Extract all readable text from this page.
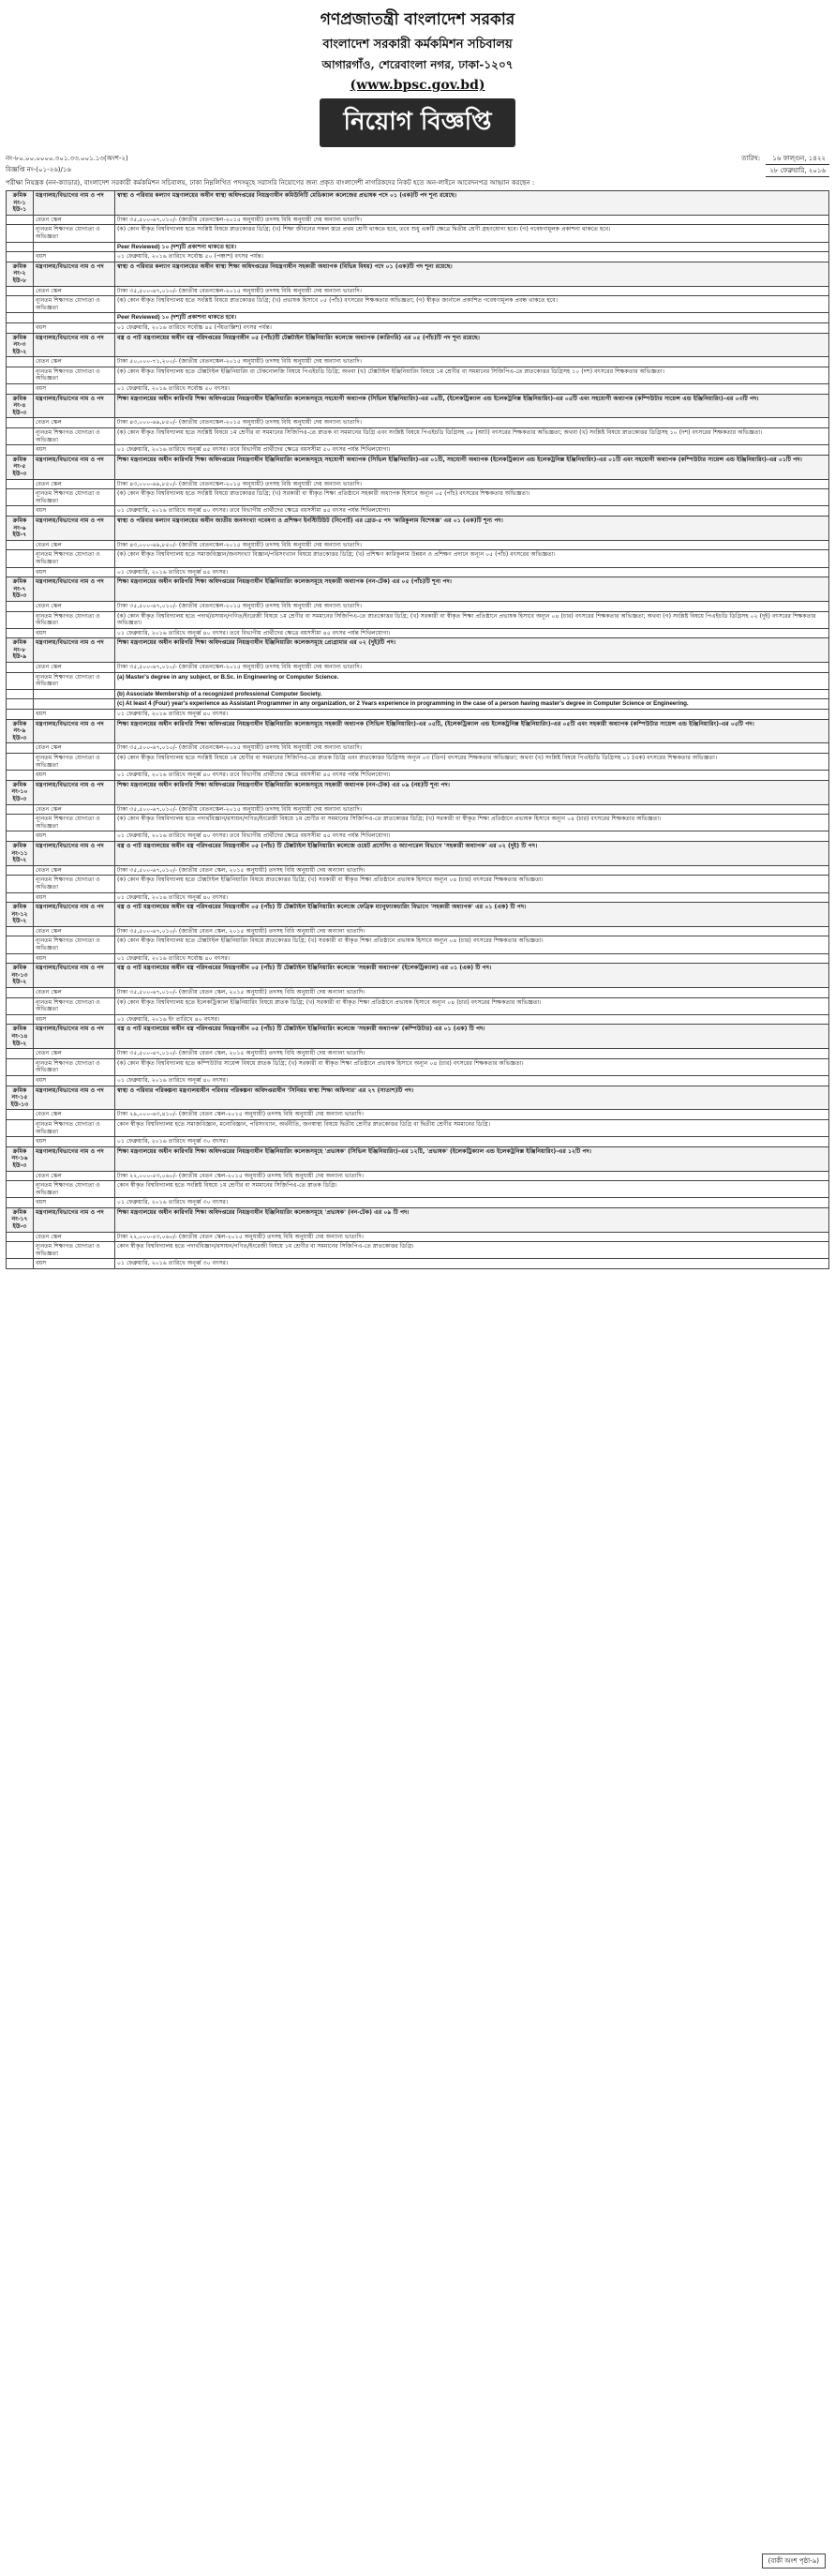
গণপ্রজাতন্ত্রী বাংলাদেশ সরকার
বাংলাদেশ সরকারী কর্মকমিশন সচিবালয়
আগারগাঁও, শেরেবাংলা নগর, ঢাকা-১২০৭
(www.bpsc.gov.bd)
নিয়োগ বিজ্ঞপ্তি
নং-৮০.০০.০০০০.৩০১.৩৩.০০১.১৩(অংশ-২)
বিজ্ঞপ্তি নং-(০১-২৬)/১৬
তারিখ:	১৬ ফাল্গুন, ১৪২২
২৮ ফেব্রুয়ারি, ২০১৬
পরীক্ষা নিয়ন্ত্রক (নন-ক্যাডার), বাংলাদেশ সরকারী কর্মকমিশন সচিবালয়, ঢাকা নিম্নলিখিত পদসমূহে সরাসরি নিয়োগের জন্য প্রকৃত বাংলাদেশী নাগরিকদের নিকট হতে অন-লাইনে আবেদনপত্র আহ্বান করছেন :
ক্রমিক নং-১ ইউ-১	মন্ত্রণালয়/বিভাগের নাম ও পদ	স্বাস্থ্য ও পরিবার কল্যাণ মন্ত্রণালয়ের অধীন স্বাস্থ্য অধিদপ্তরের নিয়ন্ত্রণাধীন কমিউনিটি মেডিক্যাল কলেজের প্রভাষক পদে ০১ (এক)টি পদ শূন্য রয়েছে।
	বেতন স্কেল	টাকা ৩৫,৫০০-৬৭,০১০/- (জাতীয় বেতনস্কেল-২০১৫ অনুযায়ী) তদসহ বিধি অনুযায়ী দেয় অন্যান্য ভাতাদি।
	ন্যূনতম শিক্ষাগত যোগ্যতা ও অভিজ্ঞতা	(ক) কোন স্বীকৃত বিশ্ববিদ্যালয় হতে সংশ্লিষ্ট বিষয়ে স্নাতকোত্তর ডিগ্রি; (খ) শিক্ষা জীবনের সকল স্তরে প্রথম শ্রেণী থাকতে হবে, তবে শুধু একটি ক্ষেত্রে দ্বিতীয় শ্রেণী গ্রহণযোগ্য হবে। (গ) গবেষণামূলক প্রকাশনা থাকতে হবে।
		Peer Reviewed) ১০ (দশ)টি প্রকাশনা থাকতে হবে।
	বয়স	০১ ফেব্রুয়ারি, ২০১৬ তারিখে সর্বোচ্চ ৫০ (পঞ্চাশ) বৎসর পর্যন্ত।
ক্রমিক নং-২ ইউ-৮	মন্ত্রণালয়/বিভাগের নাম ও পদ	স্বাস্থ্য ও পরিবার কল্যাণ মন্ত্রণালয়ের অধীন স্বাস্থ্য শিক্ষা অধিদপ্তরের নিয়ন্ত্রণাধীন সহকারী অধ্যাপক (বিভিন্ন বিষয়) পদে ০১ (এক)টি পদ শূন্য রয়েছে।
	বেতন স্কেল	টাকা ৩৫,৫০০-৬৭,০১০/- (জাতীয় বেতনস্কেল-২০১৫ অনুযায়ী) তদসহ বিধি অনুযায়ী দেয় অন্যান্য ভাতাদি।
	ন্যূনতম শিক্ষাগত যোগ্যতা ও অভিজ্ঞতা	(ক) কোন স্বীকৃত বিশ্ববিদ্যালয় হতে সংশ্লিষ্ট বিষয়ে স্নাতকোত্তর ডিগ্রি; (খ) প্রভাষক হিসাবে ০৫ (পাঁচ) বৎসরের শিক্ষকতার অভিজ্ঞতা; (গ) স্বীকৃত জার্নালে প্রকাশিত গবেষণামূলক প্রবন্ধ থাকতে হবে।
		Peer Reviewed) ১০ (দশ)টি প্রকাশনা থাকতে হবে।
	বয়স	০১ ফেব্রুয়ারি, ২০১৬ তারিখে সর্বোচ্চ ৪৫ (পঁয়তাল্লিশ) বৎসর পর্যন্ত।
ক্রমিক নং-৩ ইউ-২	মন্ত্রণালয়/বিভাগের নাম ও পদ	বস্ত্র ও পাট মন্ত্রণালয়ের অধীন বস্ত্র পরিদপ্তরের নিয়ন্ত্রণাধীন ০৫ (পাঁচ)টি টেক্সটাইল ইঞ্জিনিয়ারিং কলেজে অধ্যাপক (কারিগরি) এর ০৫ (পাঁচ)টি পদ শূন্য রয়েছে।
	বেতন স্কেল	টাকা ৫০,০০০-৭১,২০০/- (জাতীয় বেতনস্কেল-২০১৫ অনুযায়ী) তদসহ বিধি অনুযায়ী দেয় অন্যান্য ভাতাদি।
	ন্যূনতম শিক্ষাগত যোগ্যতা ও অভিজ্ঞতা	(ক) কোন স্বীকৃত বিশ্ববিদ্যালয় হতে টেক্সটাইল ইঞ্জিনিয়ারিং বা টেকনোলজি বিষয়ে পিএইচডি ডিগ্রি; অথবা (খ) টেক্সটাইল ইঞ্জিনিয়ারিং বিষয়ে ১ম শ্রেণীর বা সমমানের সিজিপিএ-তে স্নাতকোত্তর ডিগ্রিসহ ১০ (দশ) বৎসরের শিক্ষকতার অভিজ্ঞতা।
	বয়স	০১ ফেব্রুয়ারি, ২০১৬ তারিখে সর্বোচ্চ ৫০ বৎসর।
ক্রমিক নং-৪ ইউ-৩	মন্ত্রণালয়/বিভাগের নাম ও পদ	শিক্ষা মন্ত্রণালয়ের অধীন কারিগরি শিক্ষা অধিদপ্তরের নিয়ন্ত্রণাধীন ইঞ্জিনিয়ারিং কলেজসমূহে সহযোগী অধ্যাপক (সিভিল ইঞ্জিনিয়ারিং)-এর ০৪টি, (ইলেকট্রিক্যাল এন্ড ইলেকট্রনিক্স ইঞ্জিনিয়ারিং)-এর ০৫টি এবং সহযোগী অধ্যাপক (কম্পিউটার সায়েন্স এন্ড ইঞ্জিনিয়ারিং)-এর ০৩টি পদ।
	বেতন স্কেল	টাকা ৪৩,০০০-৬৯,৮৫০/- (জাতীয় বেতনস্কেল-২০১৫ অনুযায়ী) তদসহ বিধি অনুযায়ী দেয় অন্যান্য ভাতাদি।
	ন্যূনতম শিক্ষাগত যোগ্যতা ও অভিজ্ঞতা	(ক) কোন স্বীকৃত বিশ্ববিদ্যালয় হতে সংশ্লিষ্ট বিষয়ে ১ম শ্রেণীর বা সমমানের সিজিপিএ-তে স্নাতক বা সমমানের ডিগ্রি এবং সংশ্লিষ্ট বিষয়ে পিএইচডি ডিগ্রিসহ ০৮ (আট) বৎসরের শিক্ষকতার অভিজ্ঞতা; অথবা (খ) সংশ্লিষ্ট বিষয়ে স্নাতকোত্তর ডিগ্রিসহ ১০ (দশ) বৎসরের শিক্ষকতার অভিজ্ঞতা।
	বয়স	০১ ফেব্রুয়ারি, ২০১৬ তারিখে অনূর্ধ্ব ৪৫ বৎসর। তবে বিভাগীয় প্রার্থীদের ক্ষেত্রে বয়সসীমা ৫০ বৎসর পর্যন্ত শিথিলযোগ্য।
ক্রমিক নং-৫ ইউ-৩	মন্ত্রণালয়/বিভাগের নাম ও পদ	শিক্ষা মন্ত্রণালয়ের অধীন কারিগরি শিক্ষা অধিদপ্তরের নিয়ন্ত্রণাধীন ইঞ্জিনিয়ারিং কলেজসমূহে সহযোগী অধ্যাপক (সিভিল ইঞ্জিনিয়ারিং)-এর ০১টি, সহযোগী অধ্যাপক (ইলেকট্রিক্যাল এন্ড ইলেকট্রনিক্স ইঞ্জিনিয়ারিং)-এর ০১টি এবং সহযোগী অধ্যাপক (কম্পিউটার সায়েন্স এন্ড ইঞ্জিনিয়ারিং)-এর ০১টি পদ।
	বেতন স্কেল	টাকা ৪৩,০০০-৬৯,৮৫০/- (জাতীয় বেতনস্কেল-২০১৫ অনুযায়ী) তদসহ বিধি অনুযায়ী দেয় অন্যান্য ভাতাদি।
	ন্যূনতম শিক্ষাগত যোগ্যতা ও অভিজ্ঞতা	(ক) কোন স্বীকৃত বিশ্ববিদ্যালয় হতে সংশ্লিষ্ট বিষয়ে স্নাতকোত্তর ডিগ্রি; (খ) সরকারী বা স্বীকৃত শিক্ষা প্রতিষ্ঠানে সহকারী অধ্যাপক হিসাবে অন্যূন ০৫ (পাঁচ) বৎসরের শিক্ষকতার অভিজ্ঞতা।
	বয়স	০১ ফেব্রুয়ারি, ২০১৬ তারিখে অনূর্ধ্ব ৪০ বৎসর। তবে বিভাগীয় প্রার্থীদের ক্ষেত্রে বয়সসীমা ৪৫ বৎসর পর্যন্ত শিথিলযোগ্য।
ক্রমিক নং-৬ ইউ-৭	মন্ত্রণালয়/বিভাগের নাম ও পদ	স্বাস্থ্য ও পরিবার কল্যাণ মন্ত্রণালয়ের অধীন জাতীয় জনসংখ্যা গবেষণা ও প্রশিক্ষণ ইনস্টিটিউট (নিপোর্ট) এর গ্রেড-৫ পদ 'কারিকুলাম বিশেষজ্ঞ' এর ০১ (এক)টি শূন্য পদ।
	বেতন স্কেল	টাকা ৪৩,০০০-৬৯,৮৫০/- (জাতীয় বেতনস্কেল-২০১৫ অনুযায়ী) তদসহ বিধি অনুযায়ী দেয় অন্যান্য ভাতাদি।
	ন্যূনতম শিক্ষাগত যোগ্যতা ও অভিজ্ঞতা	(ক) কোন স্বীকৃত বিশ্ববিদ্যালয় হতে সমাজবিজ্ঞান/জনসংখ্যা বিজ্ঞান/পরিসংখ্যান বিষয়ে স্নাতকোত্তর ডিগ্রি; (খ) প্রশিক্ষণ কারিকুলাম উন্নয়ন ও প্রশিক্ষণ প্রদানে অন্যূন ০৫ (পাঁচ) বৎসরের অভিজ্ঞতা।
	বয়স	০১ ফেব্রুয়ারি, ২০১৬ তারিখে অনূর্ধ্ব ৪৫ বৎসর।
ক্রমিক নং-৭ ইউ-৩	মন্ত্রণালয়/বিভাগের নাম ও পদ	শিক্ষা মন্ত্রণালয়ের অধীন কারিগরি শিক্ষা অধিদপ্তরের নিয়ন্ত্রণাধীন ইঞ্জিনিয়ারিং কলেজসমূহে সহকারী অধ্যাপক (নন-টেক) এর ০৫ (পাঁচ)টি শূন্য পদ।
	বেতন স্কেল	টাকা ৩৫,৫০০-৬৭,০১০/- (জাতীয় বেতনস্কেল-২০১৫ অনুযায়ী) তদসহ বিধি অনুযায়ী দেয় অন্যান্য ভাতাদি।
	ন্যূনতম শিক্ষাগত যোগ্যতা ও অভিজ্ঞতা	(ক) কোন স্বীকৃত বিশ্ববিদ্যালয় হতে পদার্থ/রসায়ন/গণিত/ইংরেজী বিষয়ে ১ম শ্রেণীর বা সমমানের সিজিপিএ-তে স্নাতকোত্তর ডিগ্রি; (খ) সরকারী বা স্বীকৃত শিক্ষা প্রতিষ্ঠানে প্রভাষক হিসাবে অন্যূন ০৪ (চার) বৎসরের শিক্ষকতার অভিজ্ঞতা; অথবা (গ) সংশ্লিষ্ট বিষয়ে পিএইচডি ডিগ্রিসহ ০২ (দুই) বৎসরের শিক্ষকতার অভিজ্ঞতা।
	বয়স	০১ ফেব্রুয়ারি, ২০১৬ তারিখে অনূর্ধ্ব ৪০ বৎসর। তবে বিভাগীয় প্রার্থীদের ক্ষেত্রে বয়সসীমা ৪৫ বৎসর পর্যন্ত শিথিলযোগ্য।
ক্রমিক নং-৮ ইউ-৯	মন্ত্রণালয়/বিভাগের নাম ও পদ	শিক্ষা মন্ত্রণালয়ের অধীন কারিগরি শিক্ষা অধিদপ্তরের নিয়ন্ত্রণাধীন ইঞ্জিনিয়ারিং কলেজসমূহে প্রোগ্রামার এর ০২ (দুই)টি পদ।
	বেতন স্কেল	টাকা ৩৫,৫০০-৬৭,০১০/- (জাতীয় বেতনস্কেল-২০১৫ অনুযায়ী) তদসহ বিধি অনুযায়ী দেয় অন্যান্য ভাতাদি।
	ন্যূনতম শিক্ষাগত যোগ্যতা ও অভিজ্ঞতা	(a) Master's degree in any subject, or B.Sc. in Engineering or Computer Science.
		(b) Associate Membership of a recognized professional Computer Society.
		(c) At least 4 (Four) year's experience as Assistant Programmer in any organization, or 2 Years experience in programming in the case of a person having master's degree in Computer Science or Engineering.
	বয়স	০১ ফেব্রুয়ারি, ২০১৬ তারিখে অনূর্ধ্ব ৪০ বৎসর।
ক্রমিক নং-৯ ইউ-৩	মন্ত্রণালয়/বিভাগের নাম ও পদ	শিক্ষা মন্ত্রণালয়ের অধীন কারিগরি শিক্ষা অধিদপ্তরের নিয়ন্ত্রণাধীন ইঞ্জিনিয়ারিং কলেজসমূহে সহকারী অধ্যাপক (সিভিল ইঞ্জিনিয়ারিং)-এর ০৫টি, (ইলেকট্রিক্যাল এন্ড ইলেকট্রনিক্স ইঞ্জিনিয়ারিং)-এর ০৫টি এবং সহকারী অধ্যাপক (কম্পিউটার সায়েন্স এন্ড ইঞ্জিনিয়ারিং)-এর ০৫টি পদ।
	বেতন স্কেল	টাকা ৩৫,৫০০-৬৭,০১০/- (জাতীয় বেতনস্কেল-২০১৫ অনুযায়ী) তদসহ বিধি অনুযায়ী দেয় অন্যান্য ভাতাদি।
	ন্যূনতম শিক্ষাগত যোগ্যতা ও অভিজ্ঞতা	(ক) কোন স্বীকৃত বিশ্ববিদ্যালয় হতে সংশ্লিষ্ট বিষয়ে ১ম শ্রেণীর বা সমমানের সিজিপিএ-তে স্নাতক ডিগ্রি এবং স্নাতকোত্তর ডিগ্রিসহ অন্যূন ০৩ (তিন) বৎসরের শিক্ষকতার অভিজ্ঞতা; অথবা (খ) সংশ্লিষ্ট বিষয়ে পিএইচডি ডিগ্রিসহ ০১ (এক) বৎসরের শিক্ষকতার অভিজ্ঞতা।
	বয়স	০১ ফেব্রুয়ারি, ২০১৬ তারিখে অনূর্ধ্ব ৪০ বৎসর। তবে বিভাগীয় প্রার্থীদের ক্ষেত্রে বয়সসীমা ৪৫ বৎসর পর্যন্ত শিথিলযোগ্য।
ক্রমিক নং-১০ ইউ-৩	মন্ত্রণালয়/বিভাগের নাম ও পদ	শিক্ষা মন্ত্রণালয়ের অধীন কারিগরি শিক্ষা অধিদপ্তরের নিয়ন্ত্রণাধীন ইঞ্জিনিয়ারিং কলেজসমূহে সহকারী অধ্যাপক (নন-টেক) এর ০৯ (নয়)টি শূন্য পদ।
	বেতন স্কেল	টাকা ৩৫,৫০০-৬৭,০১০/- (জাতীয় বেতনস্কেল-২০১৫ অনুযায়ী) তদসহ বিধি অনুযায়ী দেয় অন্যান্য ভাতাদি।
	ন্যূনতম শিক্ষাগত যোগ্যতা ও অভিজ্ঞতা	(ক) কোন স্বীকৃত বিশ্ববিদ্যালয় হতে পদার্থবিজ্ঞান/রসায়ন/গণিত/ইংরেজী বিষয়ে ১ম শ্রেণীর বা সমমানের সিজিপিএ-তে স্নাতকোত্তর ডিগ্রি; (খ) সরকারী বা স্বীকৃত শিক্ষা প্রতিষ্ঠানে প্রভাষক হিসাবে অন্যূন ০৪ (চার) বৎসরের শিক্ষকতার অভিজ্ঞতা।
	বয়স	০১ ফেব্রুয়ারি, ২০১৬ তারিখে অনূর্ধ্ব ৪০ বৎসর। তবে বিভাগীয় প্রার্থীদের ক্ষেত্রে বয়সসীমা ৪৫ বৎসর পর্যন্ত শিথিলযোগ্য।
ক্রমিক নং-১১ ইউ-২	মন্ত্রণালয়/বিভাগের নাম ও পদ	বস্ত্র ও পাট মন্ত্রণালয়ের অধীন বস্ত্র পরিদপ্তরের নিয়ন্ত্রণাধীন ০৫ (পাঁচ) টি টেক্সটাইল ইঞ্জিনিয়ারিং কলেজে ওয়েট প্রসেসিং ও অ্যাপারেল বিভাগে 'সহকারী অধ্যাপক' এর ০২ (দুই) টি পদ।
	বেতন স্কেল	টাকা ৩৫,৫০০-৬৭,০১০/- (জাতীয় বেতন স্কেল, ২০১৫ অনুযায়ী) তদসহ বিধি অনুযায়ী দেয় অন্যান্য ভাতাদি।
	ন্যূনতম শিক্ষাগত যোগ্যতা ও অভিজ্ঞতা	(ক) কোন স্বীকৃত বিশ্ববিদ্যালয় হতে টেক্সটাইল ইঞ্জিনিয়ারিং বিষয়ে স্নাতকোত্তর ডিগ্রি; (খ) সরকারী বা স্বীকৃত শিক্ষা প্রতিষ্ঠানে প্রভাষক হিসাবে অন্যূন ০৪ (চার) বৎসরের শিক্ষকতার অভিজ্ঞতা।
	বয়স	০১ ফেব্রুয়ারি, ২০১৬ তারিখে অনূর্ধ্ব ৪০ বৎসর।
ক্রমিক নং-১২ ইউ-২	মন্ত্রণালয়/বিভাগের নাম ও পদ	বস্ত্র ও পাট মন্ত্রণালয়ের অধীন বস্ত্র পরিদপ্তরের নিয়ন্ত্রণাধীন ০৫ (পাঁচ) টি টেক্সটাইল ইঞ্জিনিয়ারিং কলেজে ফেব্রিক ম্যানুফ্যাকচারিং বিভাগে 'সহকারী অধ্যাপক' এর ০১ (এক) টি পদ।
	বেতন স্কেল	টাকা ৩৫,৫০০-৬৭,০১০/- (জাতীয় বেতন স্কেল, ২০১৫ অনুযায়ী) তদসহ বিধি অনুযায়ী দেয় অন্যান্য ভাতাদি।
	ন্যূনতম শিক্ষাগত যোগ্যতা ও অভিজ্ঞতা	(ক) কোন স্বীকৃত বিশ্ববিদ্যালয় হতে টেক্সটাইল ইঞ্জিনিয়ারিং বিষয়ে স্নাতকোত্তর ডিগ্রি; (খ) সরকারী বা স্বীকৃত শিক্ষা প্রতিষ্ঠানে প্রভাষক হিসাবে অন্যূন ০৪ (চার) বৎসরের শিক্ষকতার অভিজ্ঞতা।
	বয়স	০১ ফেব্রুয়ারি, ২০১৬ তারিখে সর্বোচ্চ ৪০ বৎসর।
ক্রমিক নং-১৩ ইউ-২	মন্ত্রণালয়/বিভাগের নাম ও পদ	বস্ত্র ও পাট মন্ত্রণালয়ের অধীন বস্ত্র পরিদপ্তরের নিয়ন্ত্রণাধীন ০৫ (পাঁচ) টি টেক্সটাইল ইঞ্জিনিয়ারিং কলেজে 'সহকারী অধ্যাপক' (ইলেকট্রিক্যাল) এর ০১ (এক) টি পদ।
	বেতন স্কেল	টাকা ৩৫,৫০০-৬৭,০১০/- (জাতীয় বেতন স্কেল, ২০১৫ অনুযায়ী) তদসহ বিধি অনুযায়ী দেয় অন্যান্য ভাতাদি।
	ন্যূনতম শিক্ষাগত যোগ্যতা ও অভিজ্ঞতা	(ক) কোন স্বীকৃত বিশ্ববিদ্যালয় হতে ইলেকট্রিক্যাল ইঞ্জিনিয়ারিং বিষয়ে স্নাতক ডিগ্রি; (খ) সরকারী বা স্বীকৃত শিক্ষা প্রতিষ্ঠানে প্রভাষক হিসাবে অন্যূন ০৪ (চার) বৎসরের শিক্ষকতার অভিজ্ঞতা।
	বয়স	০১ ফেব্রুয়ারি, ২০১৬ ইং তারিখে ৪০ বৎসর।
ক্রমিক নং-১৪ ইউ-২	মন্ত্রণালয়/বিভাগের নাম ও পদ	বস্ত্র ও পাট মন্ত্রণালয়ের অধীন বস্ত্র পরিদপ্তরের নিয়ন্ত্রণাধীন ০৫ (পাঁচ) টি টেক্সটাইল ইঞ্জিনিয়ারিং কলেজে 'সহকারী অধ্যাপক' (কম্পিউটার) এর ০১ (এক) টি পদ।
	বেতন স্কেল	টাকা ৩৫,৫০০-৬৭,০১০/- (জাতীয় বেতন স্কেল, ২০১৫ অনুযায়ী) তদসহ বিধি অনুযায়ী দেয় অন্যান্য ভাতাদি।
	ন্যূনতম শিক্ষাগত যোগ্যতা ও অভিজ্ঞতা	(ক) কোন স্বীকৃত বিশ্ববিদ্যালয় হতে কম্পিউটার সায়েন্স বিষয়ে স্নাতক ডিগ্রি; (খ) সরকারী বা স্বীকৃত শিক্ষা প্রতিষ্ঠানে প্রভাষক হিসাবে অন্যূন ০৪ (চার) বৎসরের শিক্ষকতার অভিজ্ঞতা।
	বয়স	০১ ফেব্রুয়ারি, ২০১৬ তারিখে অনূর্ধ্ব ৪০ বৎসর।
ক্রমিক নং-১৫ ইউ-১৩	মন্ত্রণালয়/বিভাগের নাম ও পদ	স্বাস্থ্য ও পরিবার পরিকল্পনা মন্ত্রণালয়াধীন পরিবার পরিকল্পনা অধিদপ্তরাধীন 'সিনিয়র স্বাস্থ্য শিক্ষা অফিসার' এর ২৭ (সাতাশ)টি পদ।
	বেতন স্কেল	টাকা ২৯,০০০-৬৩,৪১০/- (জাতীয় বেতন স্কেল-২০১৫ অনুযায়ী) তদসহ বিধি অনুযায়ী দেয় অন্যান্য ভাতাদি।
	ন্যূনতম শিক্ষাগত যোগ্যতা ও অভিজ্ঞতা	কোন স্বীকৃত বিশ্ববিদ্যালয় হতে সমাজবিজ্ঞান, মনোবিজ্ঞান, পরিসংখ্যান, অর্থনীতি, জনস্বাস্থ্য বিষয়ে দ্বিতীয় শ্রেণীর স্নাতকোত্তর ডিগ্রি বা দ্বিতীয় শ্রেণীর সমমানের ডিগ্রি।
	বয়স	০১ ফেব্রুয়ারি, ২০১৬ তারিখে অনূর্ধ্ব ৩০ বৎসর।
ক্রমিক নং-১৬ ইউ-৩	মন্ত্রণালয়/বিভাগের নাম ও পদ	শিক্ষা মন্ত্রণালয়ের অধীন কারিগরি শিক্ষা অধিদপ্তরের নিয়ন্ত্রণাধীন ইঞ্জিনিয়ারিং কলেজসমূহে 'প্রভাষক' (সিভিল ইঞ্জিনিয়ারিং)-এর ১২টি, 'প্রভাষক' (ইলেকট্রিক্যাল এন্ড ইলেকট্রনিক্স ইঞ্জিনিয়ারিং)-এর ১২টি পদ।
	বেতন স্কেল	টাকা ২২,০০০-৫৩,০৬০/- (জাতীয় বেতন স্কেল-২০১৫ অনুযায়ী) তদসহ বিধি অনুযায়ী দেয় অন্যান্য ভাতাদি।
	ন্যূনতম শিক্ষাগত যোগ্যতা ও অভিজ্ঞতা	কোন স্বীকৃত বিশ্ববিদ্যালয় হতে সংশ্লিষ্ট বিষয়ে ১ম শ্রেণীর বা সমমানের সিজিপিএ-তে স্নাতক ডিগ্রি।
	বয়স	০১ ফেব্রুয়ারি, ২০১৬ তারিখে অনূর্ধ্ব ৩০ বৎসর।
ক্রমিক নং-১৭ ইউ-৩	মন্ত্রণালয়/বিভাগের নাম ও পদ	শিক্ষা মন্ত্রণালয়ের অধীন কারিগরি শিক্ষা অধিদপ্তরের নিয়ন্ত্রণাধীন ইঞ্জিনিয়ারিং কলেজসমূহে 'প্রভাষক' (নন-টেক) এর ০৯ টি পদ।
	বেতন স্কেল	টাকা ২২,০০০-৫৩,০৬০/- (জাতীয় বেতন স্কেল-২০১৫ অনুযায়ী) তদসহ বিধি অনুযায়ী দেয় অন্যান্য ভাতাদি।
	ন্যূনতম শিক্ষাগত যোগ্যতা ও অভিজ্ঞতা	কোন স্বীকৃত বিশ্ববিদ্যালয় হতে পদার্থবিজ্ঞান/রসায়ন/গণিত/ইংরেজী বিষয়ে ১ম শ্রেণীর বা সমমানের সিজিপিএ-তে স্নাতকোত্তর ডিগ্রি।
	বয়স	০১ ফেব্রুয়ারি, ২০১৬ তারিখে অনূর্ধ্ব ৩০ বৎসর।
(বাকী অংশ পৃষ্ঠা-৯)
